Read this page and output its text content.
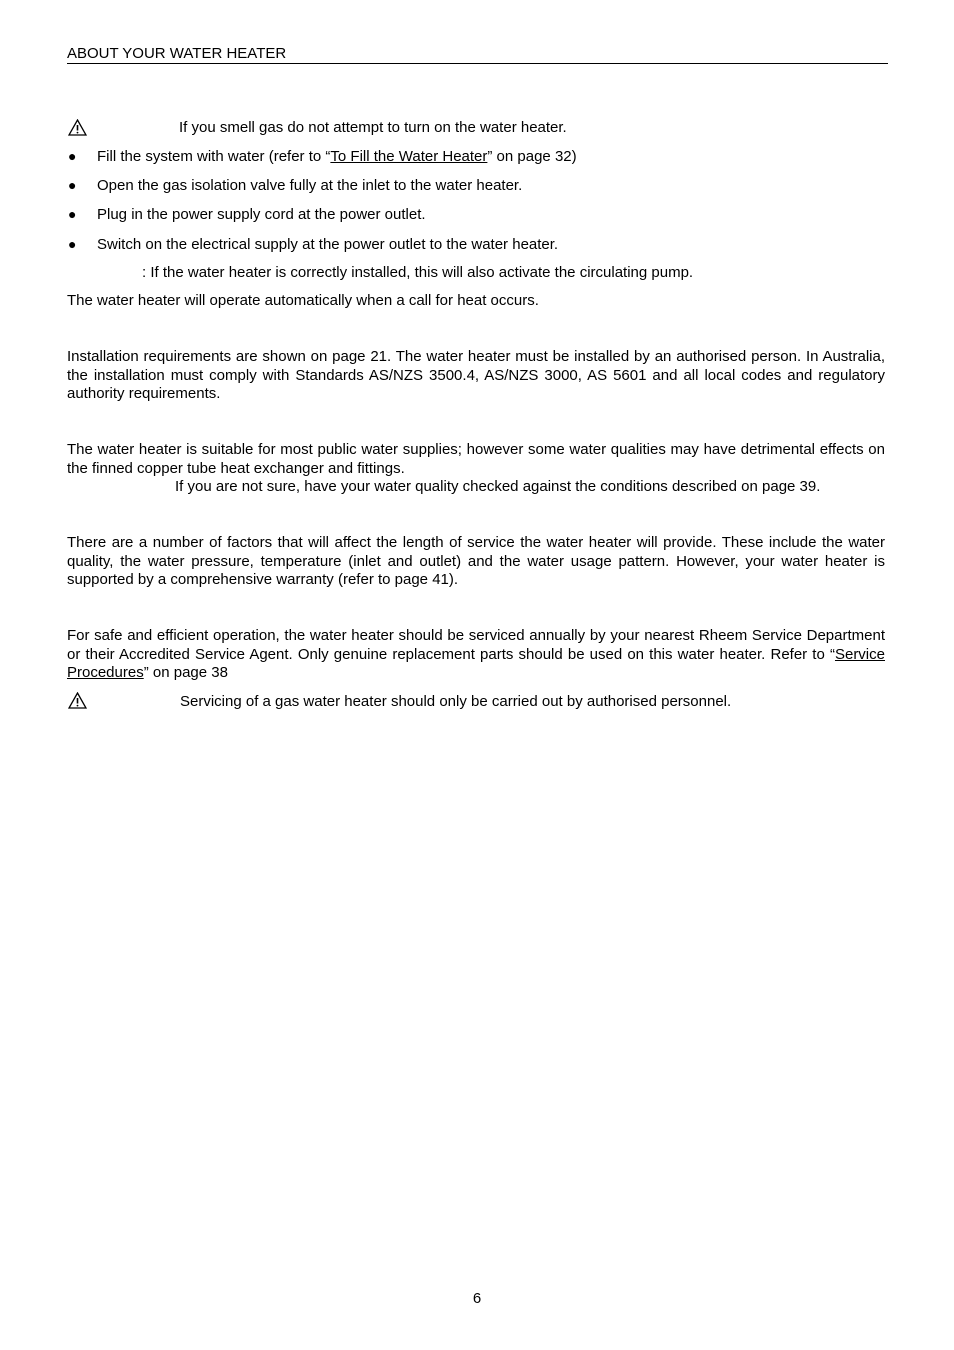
ABOUT YOUR WATER HEATER
If you smell gas do not attempt to turn on the water heater.
● Fill the system with water (refer to “To Fill the Water Heater” on page 32)
● Open the gas isolation valve fully at the inlet to the water heater.
● Plug in the power supply cord at the power outlet.
● Switch on the electrical supply at the power outlet to the water heater.
: If the water heater is correctly installed, this will also activate the circulating pump.
The water heater will operate automatically when a call for heat occurs.
Installation requirements are shown on page 21. The water heater must be installed by an authorised person. In Australia, the installation must comply with Standards AS/NZS 3500.4, AS/NZS 3000, AS 5601 and all local codes and regulatory authority requirements.
The water heater is suitable for most public water supplies; however some water qualities may have detrimental effects on the finned copper tube heat exchanger and fittings.
If you are not sure, have your water quality checked against the conditions described on page 39.
There are a number of factors that will affect the length of service the water heater will provide. These include the water quality, the water pressure, temperature (inlet and outlet) and the water usage pattern. However, your water heater is supported by a comprehensive warranty (refer to page 41).
For safe and efficient operation, the water heater should be serviced annually by your nearest Rheem Service Department or their Accredited Service Agent. Only genuine replacement parts should be used on this water heater. Refer to “Service Procedures” on page 38
Servicing of a gas water heater should only be carried out by authorised personnel.
6
